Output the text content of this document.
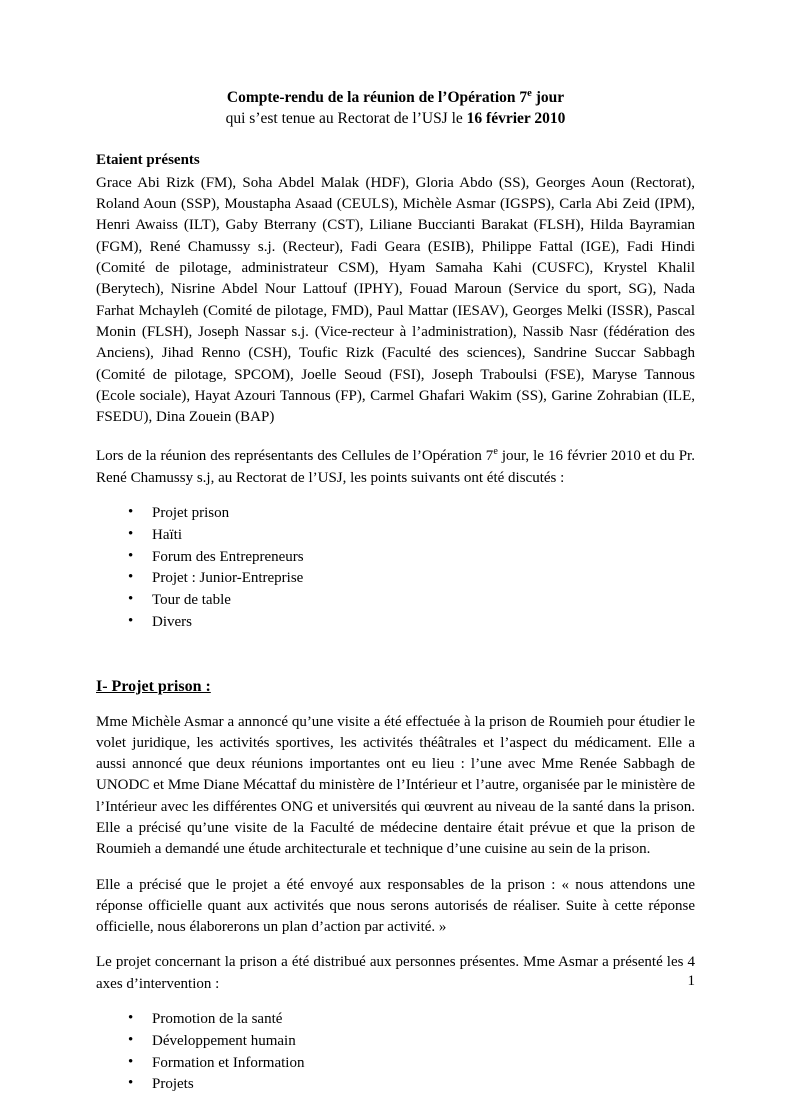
Compte-rendu de la réunion de l’Opération 7e jour
qui s’est tenue au Rectorat de l’USJ le 16 février 2010
Etaient présents

Grace Abi Rizk (FM), Soha Abdel Malak (HDF), Gloria Abdo (SS), Georges Aoun (Rectorat), Roland Aoun (SSP), Moustapha Asaad (CEULS), Michèle Asmar (IGSPS), Carla Abi Zeid (IPM), Henri Awaiss (ILT), Gaby Bterrany (CST), Liliane Buccianti Barakat (FLSH), Hilda Bayramian (FGM), René Chamussy s.j. (Recteur), Fadi Geara (ESIB), Philippe Fattal (IGE), Fadi Hindi (Comité de pilotage, administrateur CSM), Hyam Samaha Kahi (CUSFC), Krystel Khalil (Berytech), Nisrine Abdel Nour Lattouf (IPHY), Fouad Maroun (Service du sport, SG), Nada Farhat Mchayleh (Comité de pilotage, FMD), Paul Mattar (IESAV), Georges Melki (ISSR), Pascal Monin (FLSH), Joseph Nassar s.j. (Vice-recteur à l’administration), Nassib Nasr (fédération des Anciens), Jihad Renno (CSH), Toufic Rizk (Faculté des sciences), Sandrine Succar Sabbagh (Comité de pilotage, SPCOM), Joelle Seoud (FSI), Joseph Traboulsi (FSE), Maryse Tannous (Ecole sociale), Hayat Azouri Tannous (FP), Carmel Ghafari Wakim (SS), Garine Zohrabian (ILE, FSEDU), Dina Zouein (BAP)

Lors de la réunion des représentants des Cellules de l’Opération 7e jour, le 16 février 2010 et du Pr. René Chamussy s.j, au Rectorat de l’USJ, les points suivants ont été discutés :

• Projet prison
• Haïti
• Forum des Entrepreneurs
• Projet : Junior-Entreprise
• Tour de table
• Divers
I- Projet prison :

Mme Michèle Asmar a annoncé qu’une visite a été effectuée à la prison de Roumieh pour étudier le volet juridique, les activités sportives, les activités théâtrales et l’aspect du médicament. Elle a aussi annoncé que deux réunions importantes ont eu lieu : l’une avec Mme Renée Sabbagh de UNODC et Mme Diane Mécattaf du ministère de l’Intérieur et l’autre, organisée par le ministère de l’Intérieur avec les différentes ONG et universités qui œuvrent au niveau de la santé dans la prison. Elle a précisé qu’une visite de la Faculté de médecine dentaire était prévue et que la prison de Roumieh a demandé une étude architecturale et technique d’une cuisine au sein de la prison.

Elle a précisé que le projet a été envoyé aux responsables de la prison : « nous attendons une réponse officielle quant aux activités que nous serons autorisés de réaliser. Suite à cette réponse officielle, nous élaborerons un plan d’action par activité. »

Le projet concernant la prison a été distribué aux personnes présentes. Mme Asmar a présenté les 4 axes d’intervention :

• Promotion de la santé
• Développement humain
• Formation et Information
• Projets
1
